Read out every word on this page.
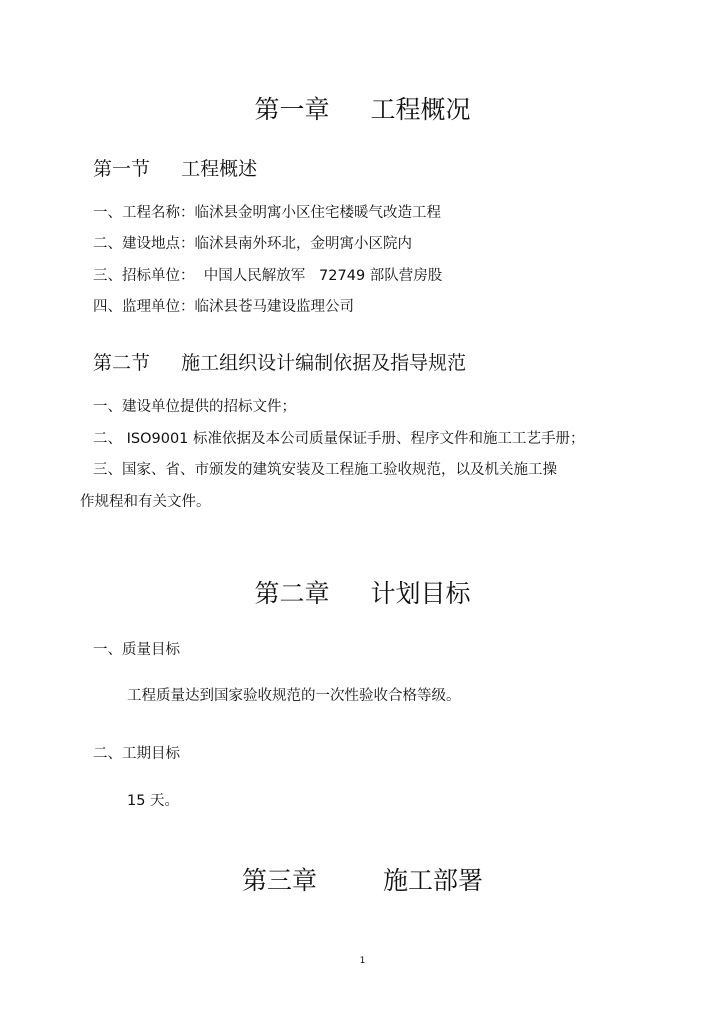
第一章　  工程概况
第一节　  工程概述
一、工程名称：临沭县金明寓小区住宅楼暖气改造工程
二、建设地点：临沭县南外环北，金明寓小区院内
三、招标单位：  中国人民解放军   72749 部队营房股
四、监理单位：临沭县苍马建设监理公司
第二节　  施工组织设计编制依据及指导规范
一、建设单位提供的招标文件；
二、 ISO9001 标准依据及本公司质量保证手册、程序文件和施工工艺手册；
三、国家、省、市颁发的建筑安装及工程施工验收规范，以及机关施工操
作规程和有关文件。
第二章　  计划目标
一、质量目标
工程质量达到国家验收规范的一次性验收合格等级。
二、工期目标
15 天。
第三章　　  施工部署
1
